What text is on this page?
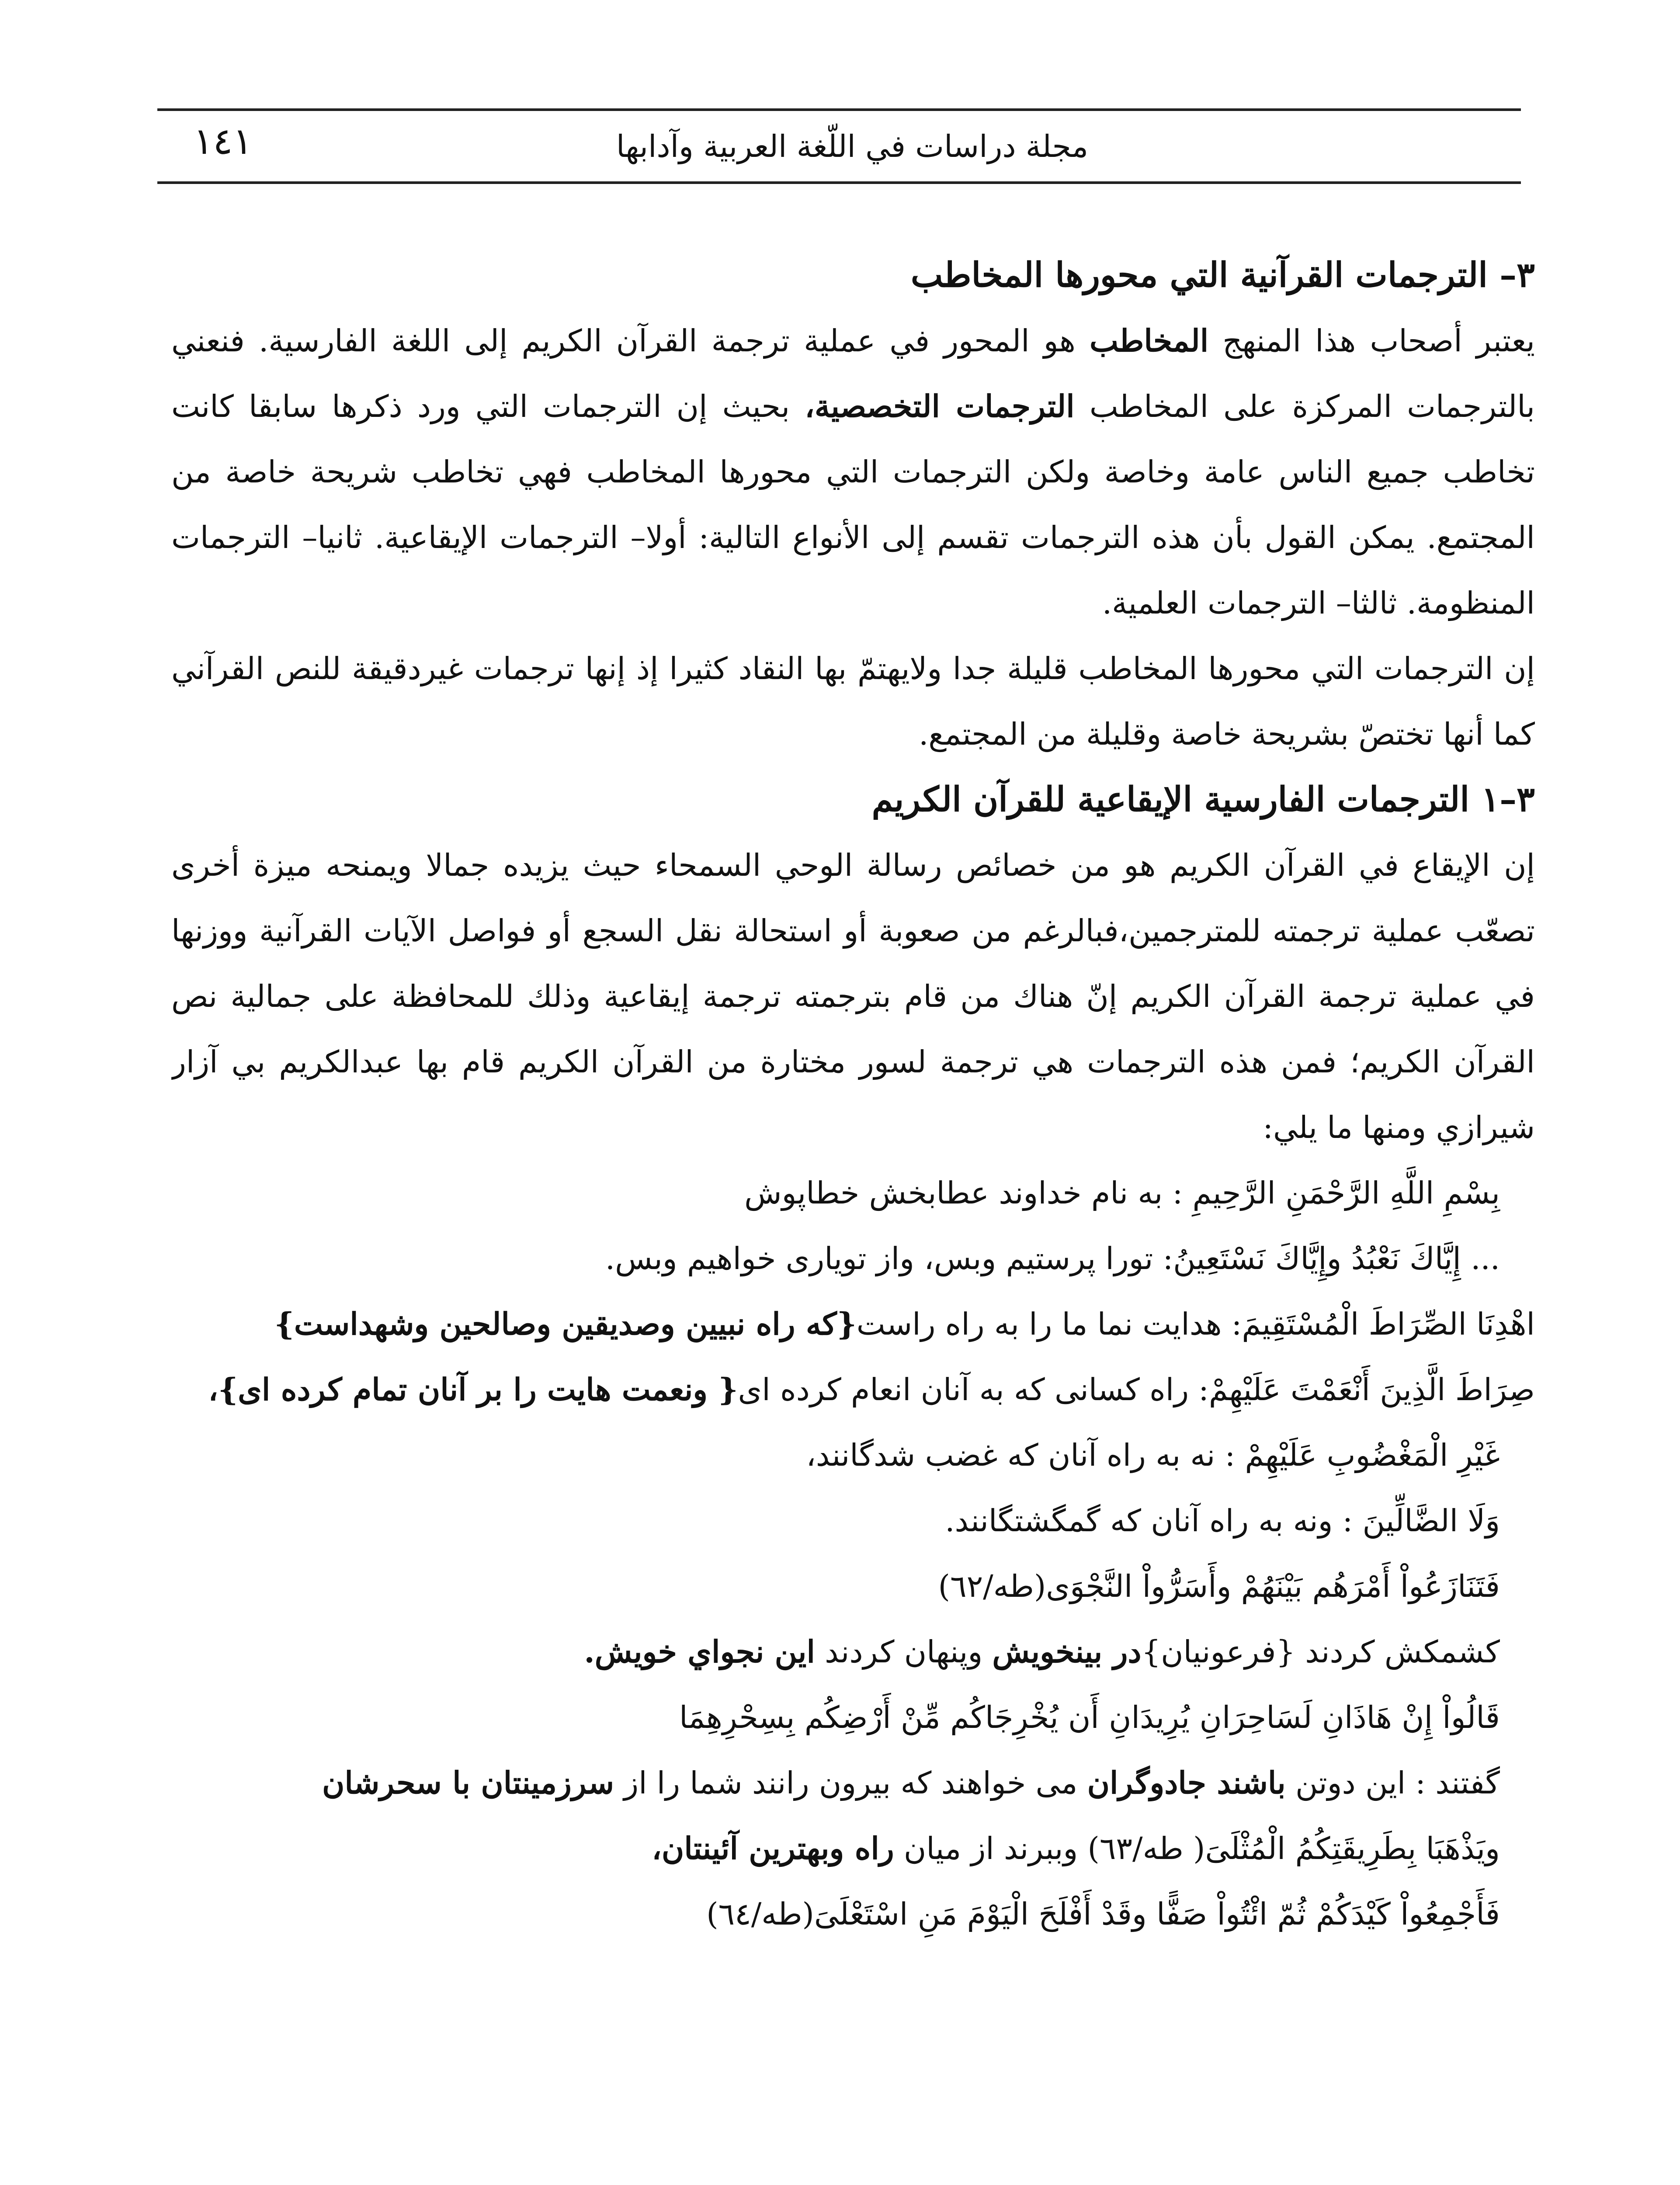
مجلة دراسات في اللّغة العربية وآدابها
١٤١

٣– الترجمات القرآنية التي محورها المخاطب

يعتبر أصحاب هذا المنهج المخاطب هو المحور في عملية ترجمة القرآن الكريم إلى اللغة الفارسية. فنعني بالترجمات المركزة على المخاطب الترجمات التخصصية، بحيث إن الترجمات التي ورد ذكرها سابقا كانت تخاطب جميع الناس عامة وخاصة ولكن الترجمات التي محورها المخاطب فهي تخاطب شريحة خاصة من المجتمع. يمكن القول بأن هذه الترجمات تقسم إلى الأنواع التالية: أولا– الترجمات الإيقاعية. ثانيا– الترجمات المنظومة. ثالثا– الترجمات العلمية.

إن الترجمات التي محورها المخاطب قليلة جدا ولايهتمّ بها النقاد كثيرا إذ إنها ترجمات غيردقيقة للنص القرآني كما أنها تختصّ بشريحة خاصة وقليلة من المجتمع.

٣–١ الترجمات الفارسية الإيقاعية للقرآن الكريم

إن الإيقاع في القرآن الكريم هو من خصائص رسالة الوحي السمحاء حيث يزيده جمالا ويمنحه ميزة أخرى تصعّب عملية ترجمته للمترجمين،فبالرغم من صعوبة أو استحالة نقل السجع أو فواصل الآيات القرآنية ووزنها في عملية ترجمة القرآن الكريم إنّ هناك من قام بترجمته ترجمة إيقاعية وذلك للمحافظة على جمالية نص القرآن الكريم؛ فمن هذه الترجمات هي ترجمة لسور مختارة من القرآن الكريم قام بها عبدالكريم بي آزار شيرازي ومنها ما يلي:

بِسْمِ اللَّهِ الرَّحْمَنِ الرَّحِيمِ : به نام خداوند عطابخش خطاپوش

... إِيَّاكَ نَعْبُدُ وإِيَّاكَ نَسْتَعِينُ: تورا پرستيم وبس، واز تويارى خواهيم وبس.

اهْدِنَا الصِّرَاطَ الْمُسْتَقِيمَ: هدايت نما ما را به راه راست{كه راه نبيين وصديقين وصالحين وشهداست}

صِرَاطَ الَّذِينَ أَنْعَمْتَ عَلَيْهِمْ: راه كسانى كه به آنان انعام كرده اى{ ونعمت هايت را بر آنان تمام كرده اى}،

غَيْرِ الْمَغْضُوبِ عَلَيْهِمْ : نه به راه آنان كه غضب شدگانند،

وَلَا الضَّالِّينَ : ونه به راه آنان كه گمگشتگانند.

فَتَنَازَعُواْ أَمْرَهُم بَيْنَهُمْ وأَسَرُّواْ النَّجْوَى(طه/٦٢)

كشمكش كردند {فرعونيان}در بينخويش وپنهان كردند اين نجواي خويش.

قَالُواْ إِنْ هَاذَانِ لَسَاحِرَانِ يُرِيدَانِ أَن يُخْرِجَاكُم مِّنْ أَرْضِكُم بِسِحْرِهِمَا

گفتند : اين دوتن باشند جادوگران مى خواهند كه بيرون رانند شما را از سرزمينتان با سحرشان

ويَذْهَبَا بِطَرِيقَتِكُمُ الْمُثْلَىَ( طه/٦٣) وببرند از ميان راه وبهترين آئينتان،

فَأَجْمِعُواْ كَيْدَكُمْ ثُمّ ائْتُواْ صَفًّا وقَدْ أَفْلَحَ الْيَوْمَ مَنِ اسْتَعْلَىَ(طه/٦٤)
